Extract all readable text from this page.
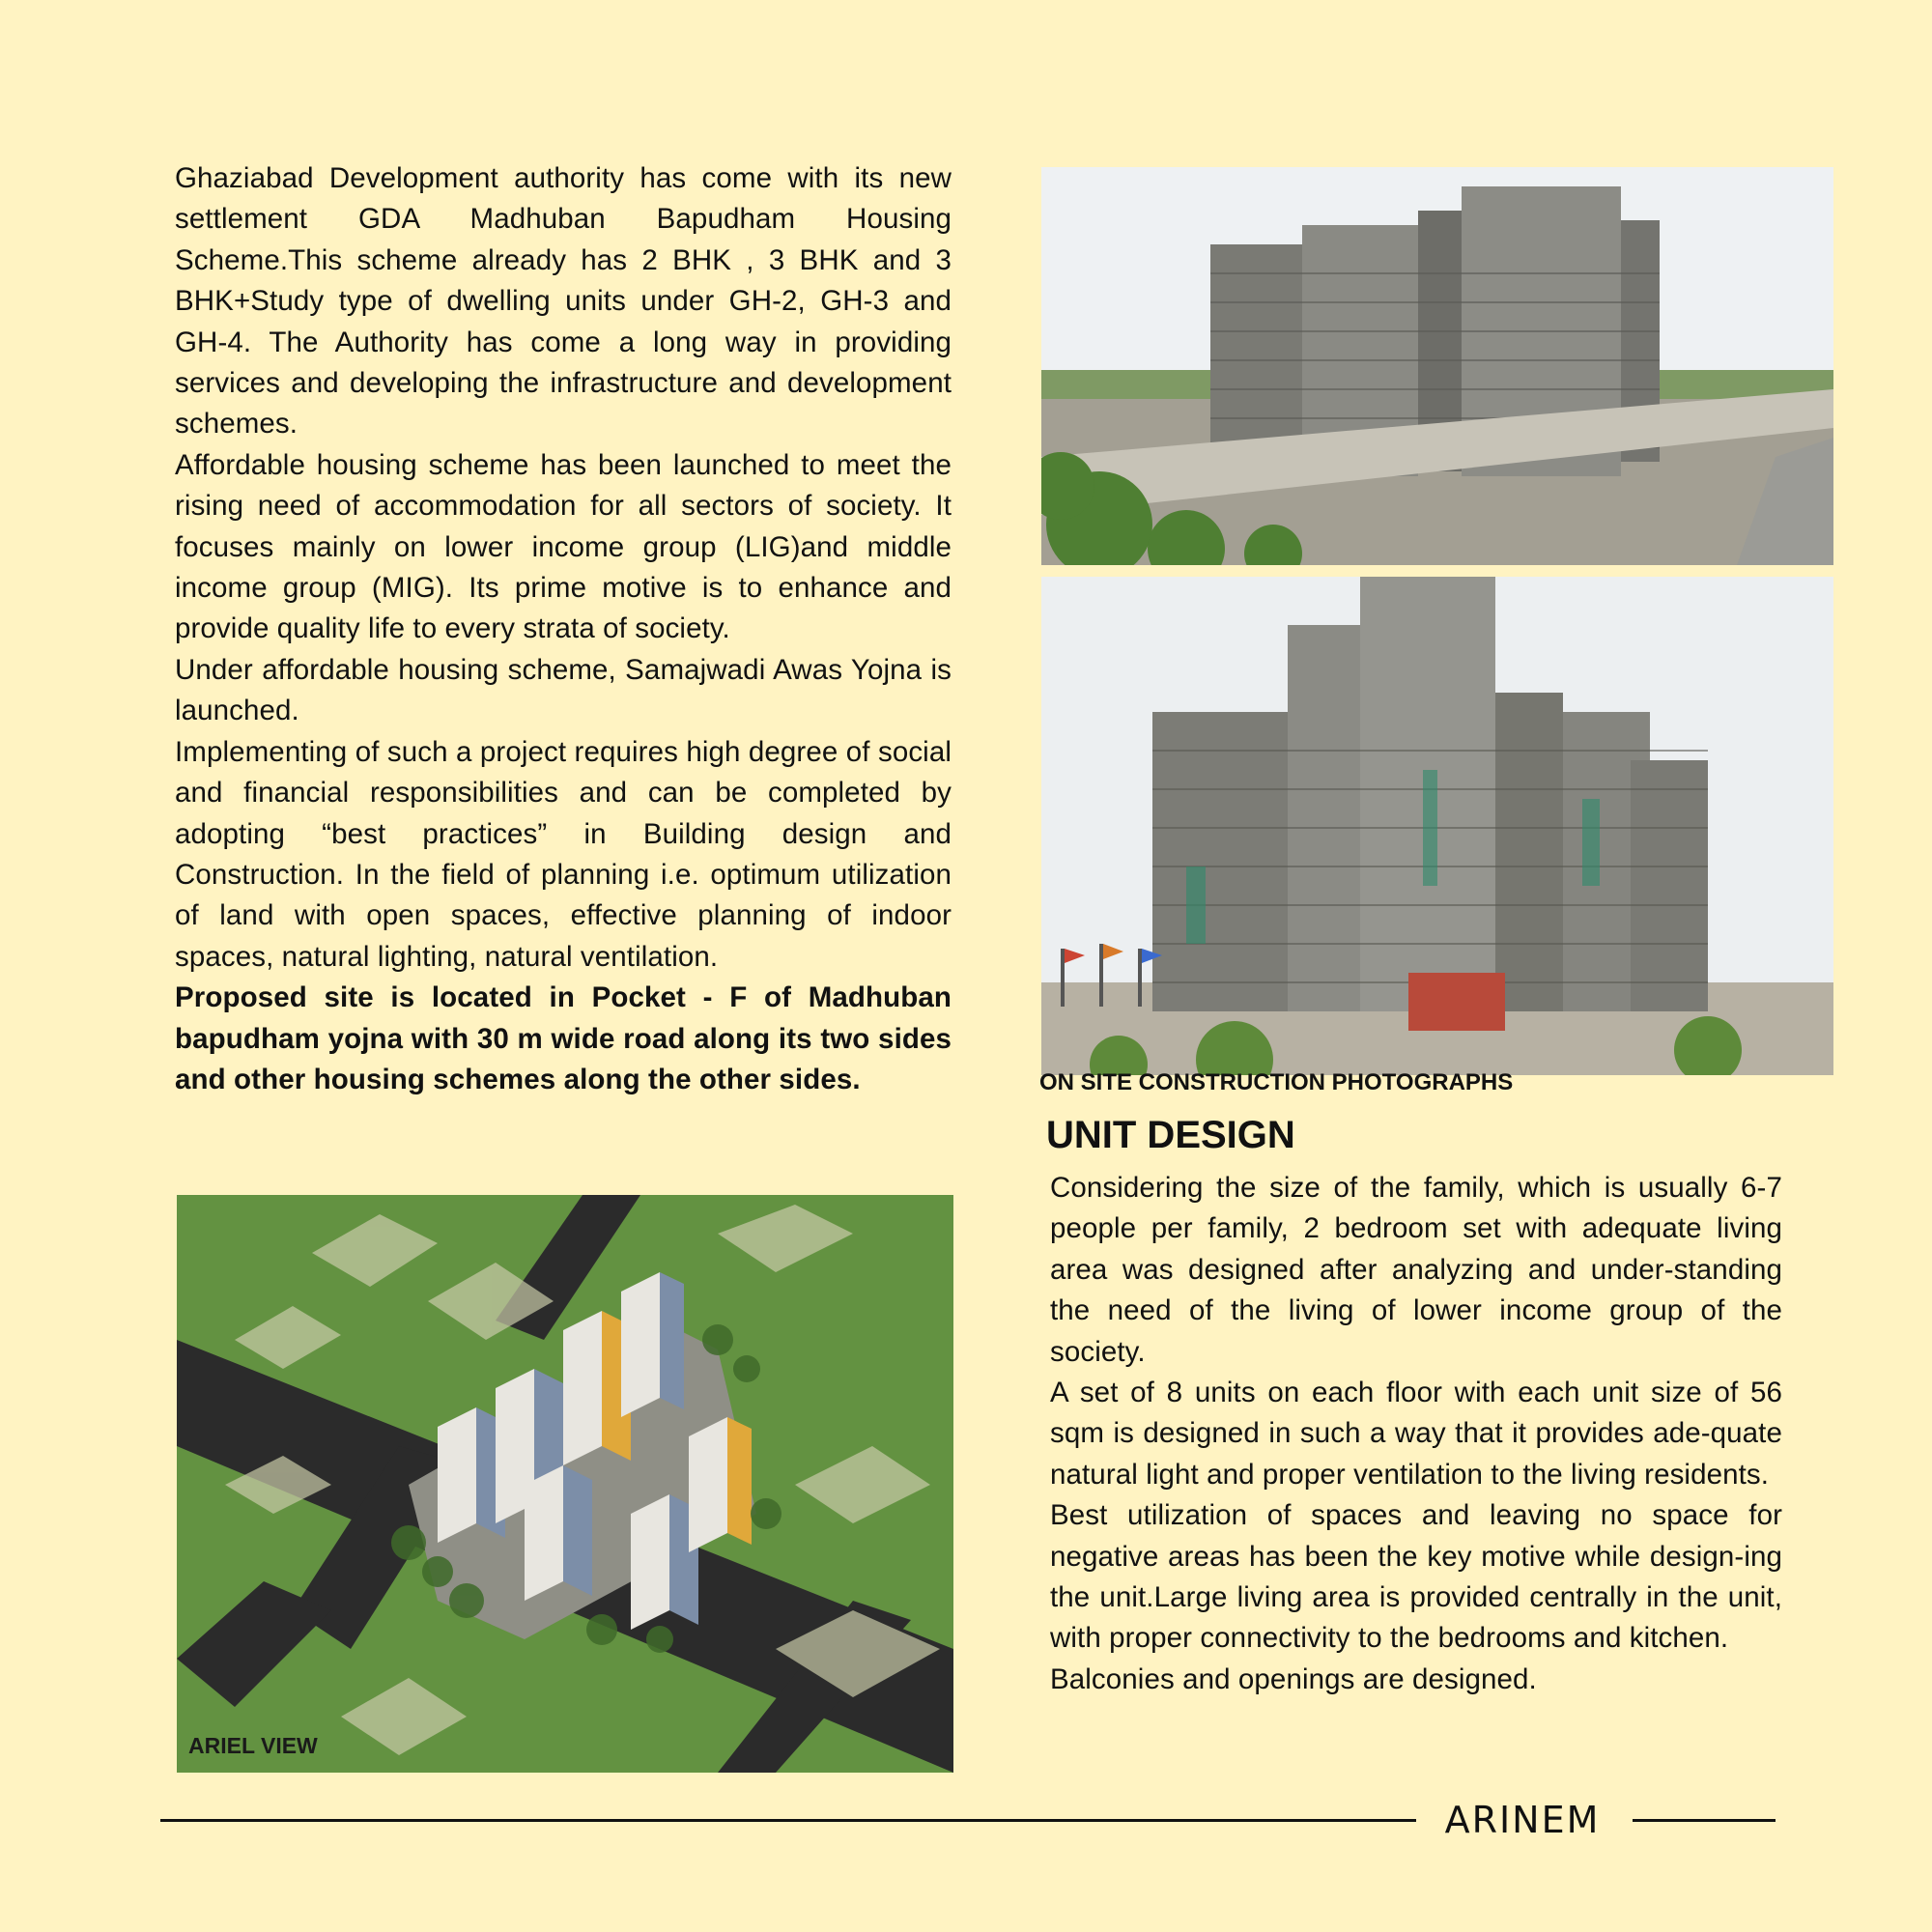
Ghaziabad Development authority has come with its new settlement GDA Madhuban Bapudham Housing Scheme.This scheme already has 2 BHK , 3 BHK and 3 BHK+Study type of dwelling units under GH-2, GH-3 and GH-4. The Authority has come a long way in providing services and developing the infrastructure and development schemes.

Affordable housing scheme has been launched to meet the rising need of accommodation for all sectors of society. It focuses mainly on lower income group (LIG)and middle income group (MIG). Its prime motive is to enhance and provide quality life to every strata of society.

Under affordable housing scheme, Samajwadi Awas Yojna is launched.

Implementing of such a project requires high degree of social and financial responsibilities and can be completed by adopting “best practices” in Building design and Construction. In the field of planning i.e. optimum utilization of land with open spaces, effective planning of indoor spaces, natural lighting, natural ventilation.

Proposed site is located in Pocket - F of Madhuban bapudham yojna with 30 m wide road along its two sides and other housing schemes along the other sides.

ARIEL VIEW
ON SITE CONSTRUCTION PHOTOGRAPHS
UNIT DESIGN

Considering the size of the family, which is usually 6-7 people per family, 2 bedroom set with adequate living area was designed after analyzing and under-standing the need of the living of lower income group of the society.

A set of 8 units on each floor with each unit size of 56 sqm is designed in such a way that it provides ade-quate natural light and proper ventilation to the living residents.

Best utilization of spaces and leaving no space for negative areas has been the key motive while design-ing the unit.Large living area is provided centrally in the unit, with proper connectivity to the bedrooms and kitchen.

Balconies and openings are designed.

ARINEM
